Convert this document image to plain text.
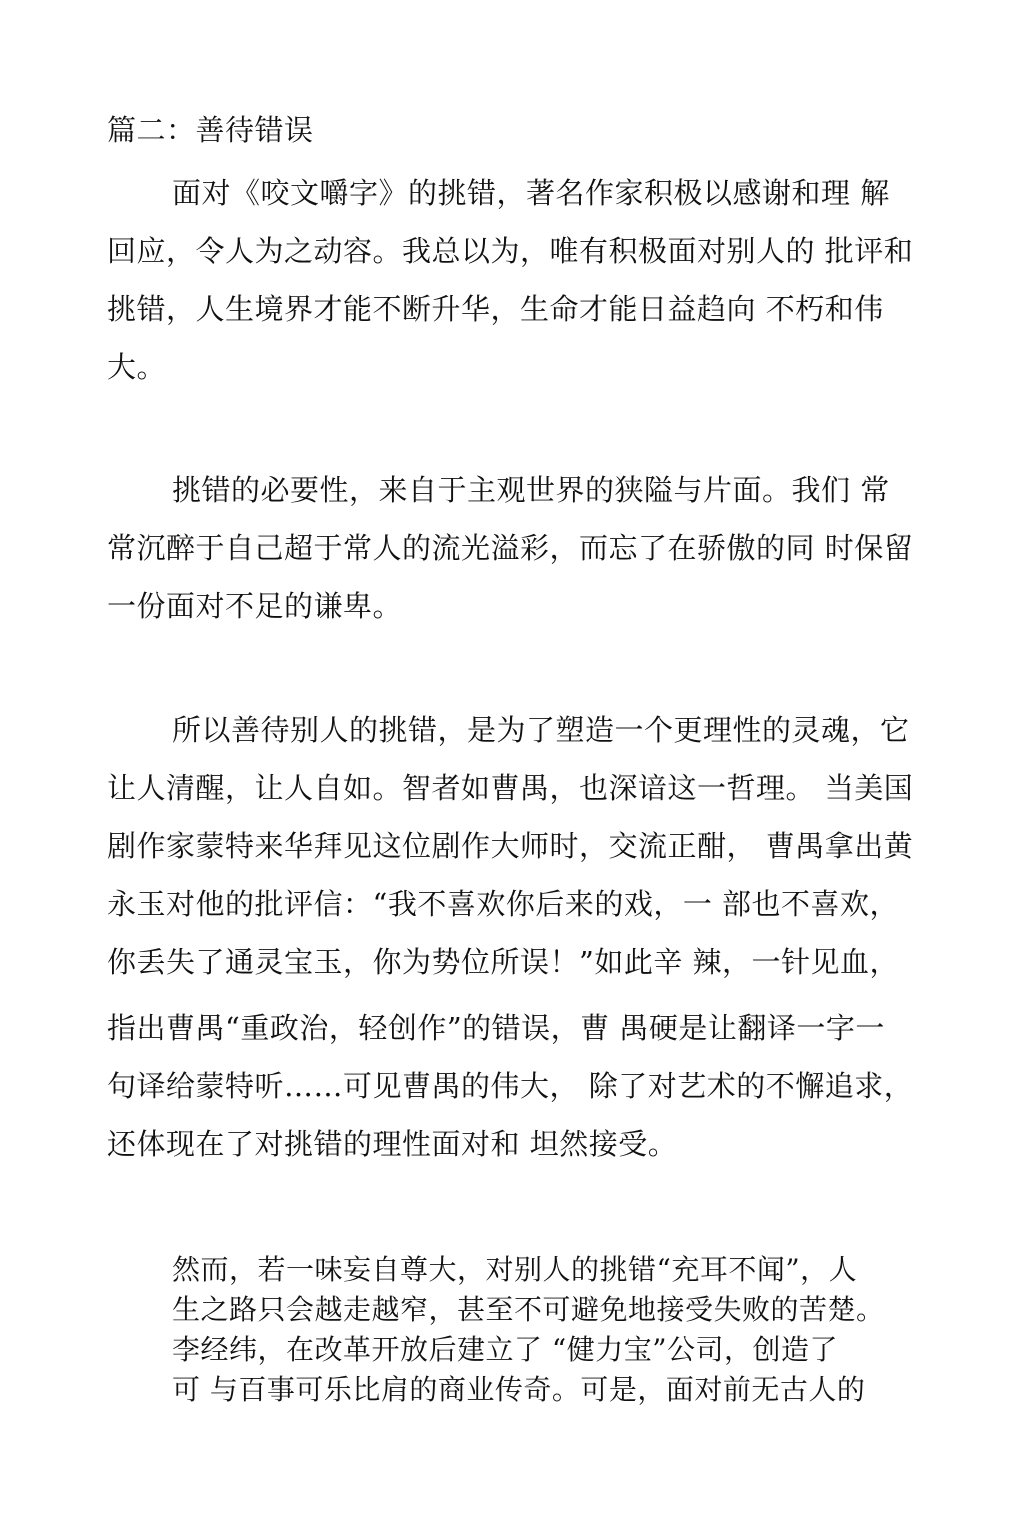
篇二：善待错误

面对《咬文嚼字》的挑错，著名作家积极以感谢和理 解

回应，令人为之动容。我总以为，唯有积极面对别人的 批评和

挑错，人生境界才能不断升华，生命才能日益趋向 不朽和伟

大。

挑错的必要性，来自于主观世界的狭隘与片面。我们 常

常沉醉于自己超于常人的流光溢彩，而忘了在骄傲的同 时保留

一份面对不足的谦卑。

所以善待别人的挑错，是为了塑造一个更理性的灵魂，它

让人清醒，让人自如。智者如曹禺，也深谙这一哲理。 当美国

剧作家蒙特来华拜见这位剧作大师时，交流正酣， 曹禺拿出黄

永玉对他的批评信：“我不喜欢你后来的戏，一 部也不喜欢，

你丢失了通灵宝玉，你为势位所误！”如此辛 辣，一针见血，

指出曹禺“重政治，轻创作”的错误，曹 禺硬是让翻译一字一

句译给蒙特听……可见曹禺的伟大， 除了对艺术的不懈追求，

还体现在了对挑错的理性面对和 坦然接受。

然而，若一味妄自尊大，对别人的挑错“充耳不闻”，人

生之路只会越走越窄，甚至不可避免地接受失败的苦楚。

李经纬，在改革开放后建立了 “健力宝”公司，创造了

可 与百事可乐比肩的商业传奇。可是，面对前无古人的
